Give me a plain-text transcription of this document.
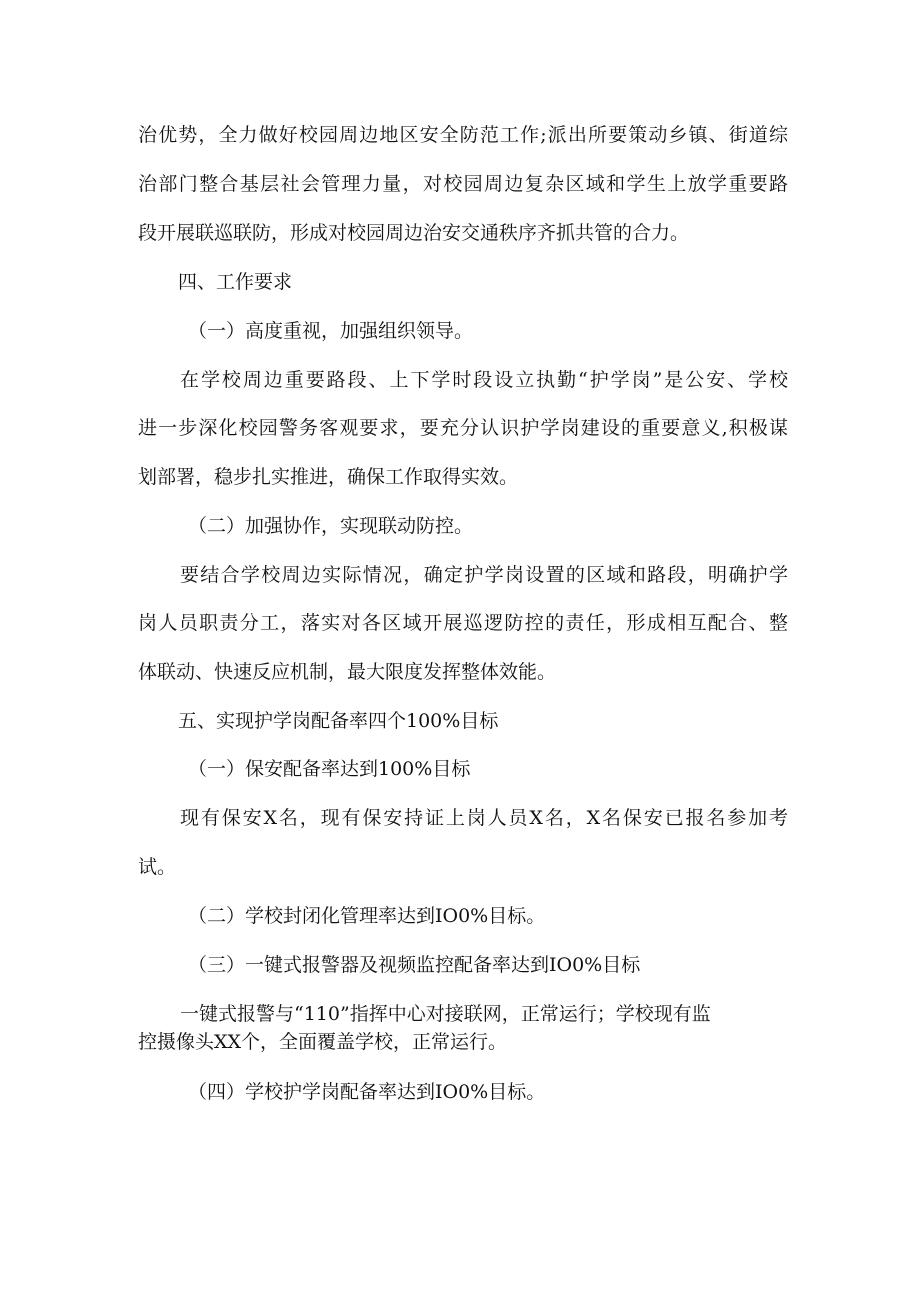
治优势，全力做好校园周边地区安全防范工作;派出所要策动乡镇、街道综
治部门整合基层社会管理力量，对校园周边复杂区域和学生上放学重要路
段开展联巡联防，形成对校园周边治安交通秩序齐抓共管的合力。
四、工作要求
（一）高度重视，加强组织领导。
在学校周边重要路段、上下学时段设立执勤“护学岗”是公安、学校
进一步深化校园警务客观要求，要充分认识护学岗建设的重要意义,积极谋
划部署，稳步扎实推进，确保工作取得实效。
（二）加强协作，实现联动防控。
要结合学校周边实际情况，确定护学岗设置的区域和路段，明确护学
岗人员职责分工，落实对各区域开展巡逻防控的责任，形成相互配合、整
体联动、快速反应机制，最大限度发挥整体效能。
五、实现护学岗配备率四个100%目标
（一）保安配备率达到100%目标
现有保安X名，现有保安持证上岗人员X名，X名保安已报名参加考
试。
（二）学校封闭化管理率达到IO0%目标。
（三）一键式报警器及视频监控配备率达到IO0%目标
一键式报警与“110”指挥中心对接联网，正常运行；学校现有监
控摄像头XX个，全面覆盖学校，正常运行。
（四）学校护学岗配备率达到IO0%目标。
